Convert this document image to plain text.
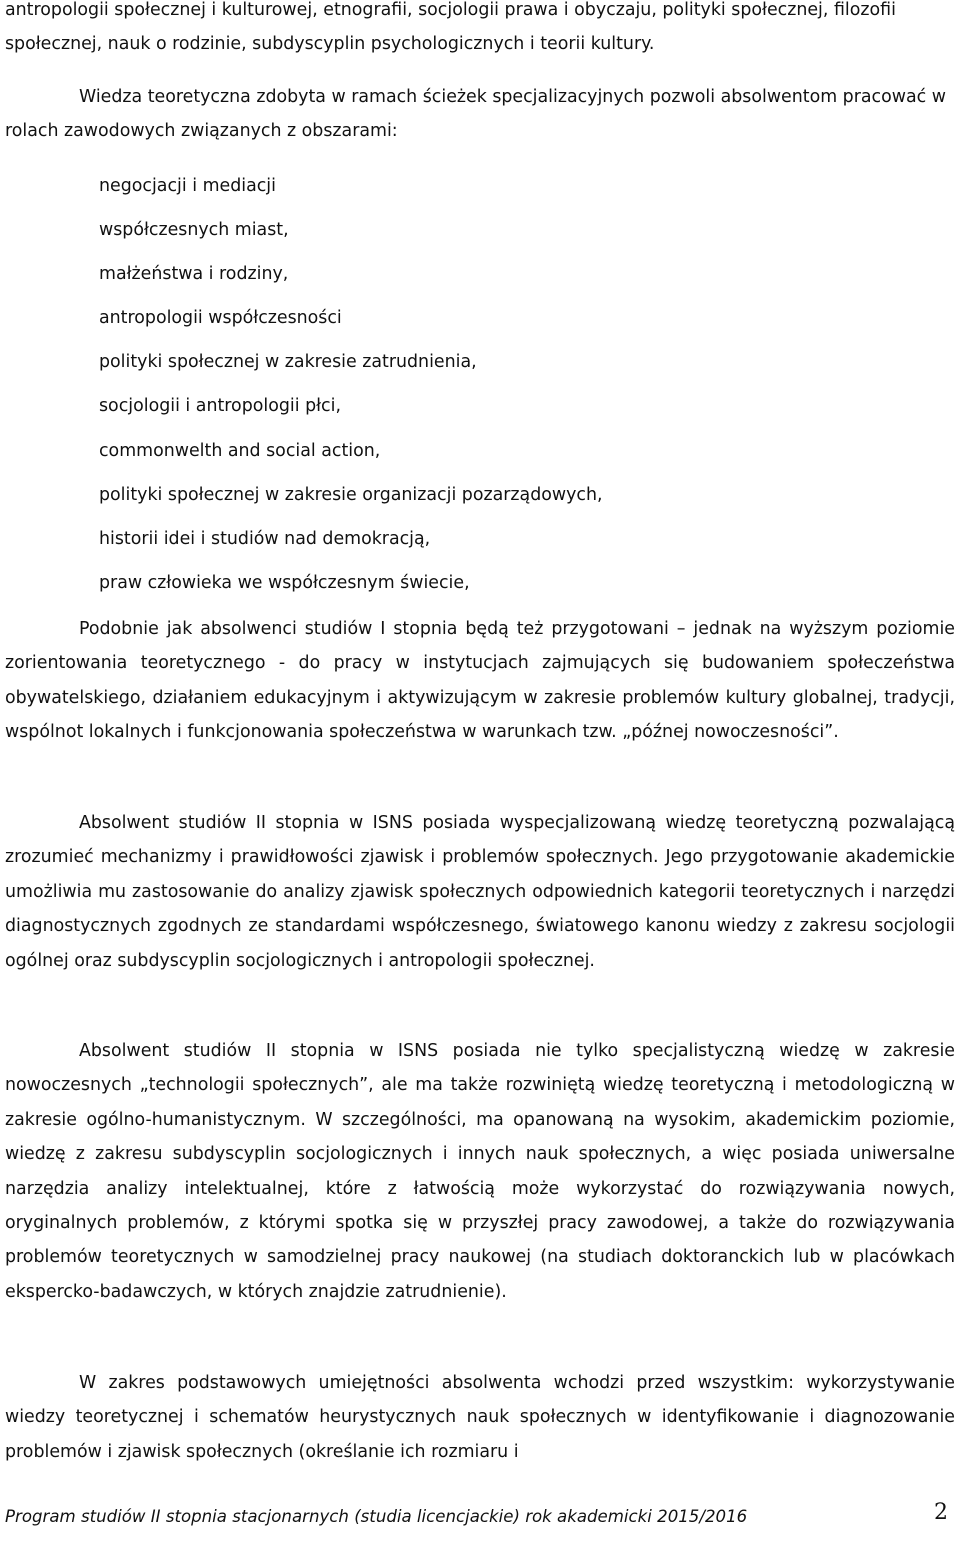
antropologii społecznej i kulturowej, etnografii, socjologii prawa i obyczaju, polityki społecznej, filozofii społecznej, nauk o rodzinie, subdyscyplin psychologicznych i teorii kultury.

Wiedza teoretyczna zdobyta w ramach ścieżek specjalizacyjnych pozwoli absolwentom pracować w rolach zawodowych związanych z obszarami:

negocjacji i mediacji
współczesnych miast,
małżeństwa i rodziny,
antropologii współczesności
polityki społecznej w zakresie zatrudnienia,
socjologii i antropologii płci,
commonwelth and social action,
polityki społecznej w zakresie organizacji pozarządowych,
historii idei i studiów nad demokracją,
praw człowieka we współczesnym świecie,

Podobnie jak absolwenci studiów I stopnia będą też przygotowani – jednak na wyższym poziomie zorientowania teoretycznego - do pracy w instytucjach zajmujących się budowaniem społeczeństwa obywatelskiego, działaniem edukacyjnym i aktywizującym w zakresie problemów kultury globalnej, tradycji, wspólnot lokalnych i funkcjonowania społeczeństwa w warunkach tzw. „późnej nowoczesności”.

Absolwent studiów II stopnia w ISNS posiada wyspecjalizowaną wiedzę teoretyczną pozwalającą zrozumieć mechanizmy i prawidłowości zjawisk i problemów społecznych. Jego przygotowanie akademickie umożliwia mu zastosowanie do analizy zjawisk społecznych odpowiednich kategorii teoretycznych i narzędzi diagnostycznych zgodnych ze standardami współczesnego, światowego kanonu wiedzy z zakresu socjologii ogólnej oraz subdyscyplin socjologicznych i antropologii społecznej.

Absolwent studiów II stopnia w ISNS posiada nie tylko specjalistyczną wiedzę w zakresie nowoczesnych „technologii społecznych”, ale ma także rozwiniętą wiedzę teoretyczną i metodologiczną w zakresie ogólno-humanistycznym. W szczególności, ma opanowaną na wysokim, akademickim poziomie, wiedzę z zakresu subdyscyplin socjologicznych i innych nauk społecznych, a więc posiada uniwersalne narzędzia analizy intelektualnej, które z łatwością może wykorzystać do rozwiązywania nowych, oryginalnych problemów, z którymi spotka się w przyszłej pracy zawodowej, a także do rozwiązywania problemów teoretycznych w samodzielnej pracy naukowej (na studiach doktoranckich lub w placówkach ekspercko-badawczych, w których znajdzie zatrudnienie).

W zakres podstawowych umiejętności absolwenta wchodzi przed wszystkim: wykorzystywanie wiedzy teoretycznej i schematów heurystycznych nauk społecznych w identyfikowanie i diagnozowanie problemów i zjawisk społecznych (określanie ich rozmiaru i

Program studiów II stopnia stacjonarnych (studia licencjackie) rok akademicki 2015/2016	2
